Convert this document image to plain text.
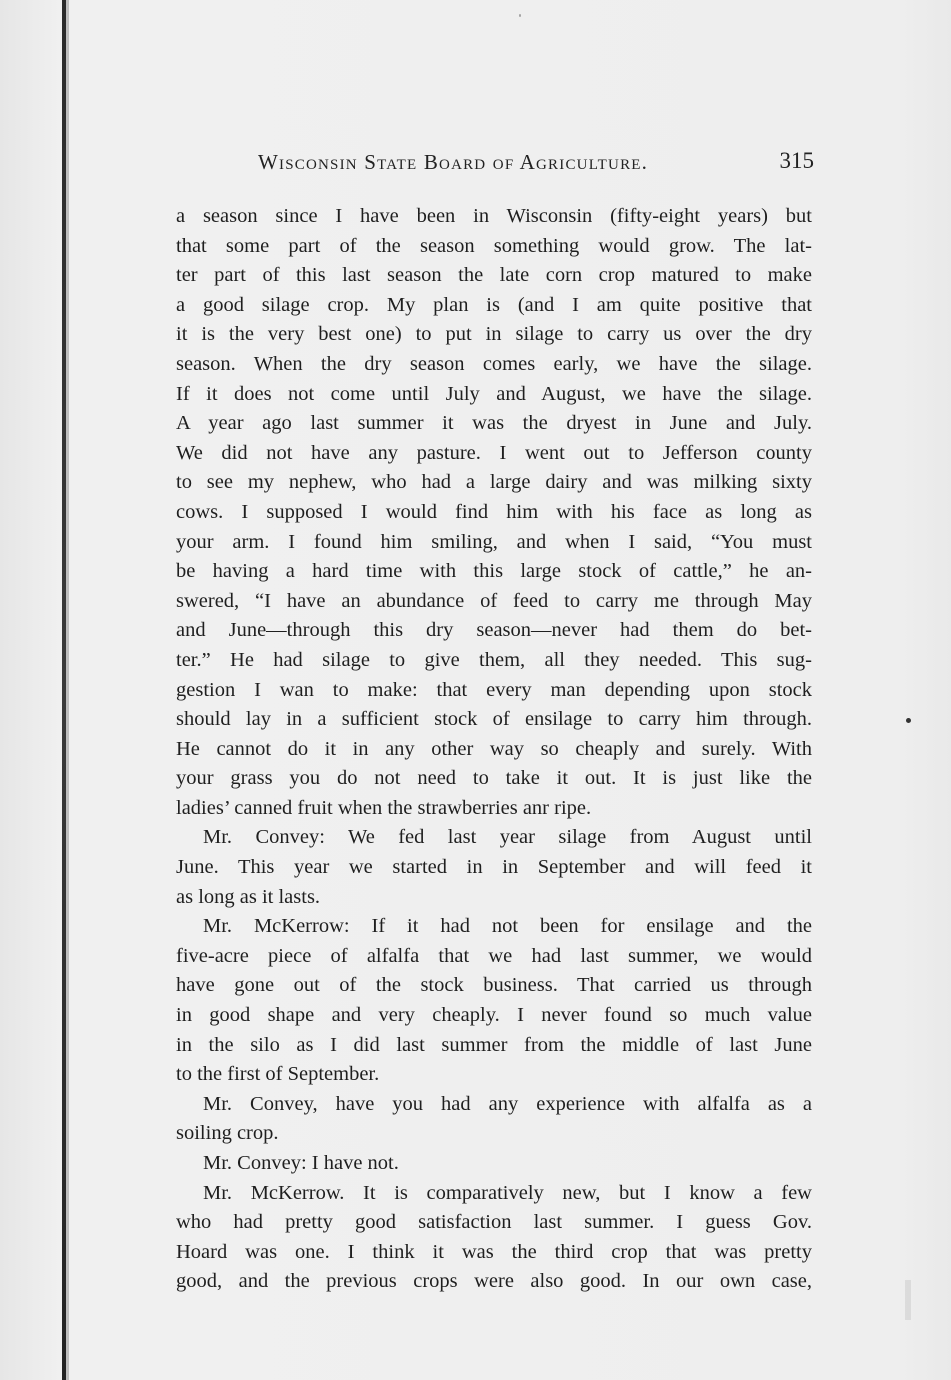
Wisconsin State Board of Agriculture.	315
a season since I have been in Wisconsin (fifty-eight years) but
that some part of the season something would grow. The lat-
ter part of this last season the late corn crop matured to make
a good silage crop. My plan is (and I am quite positive that
it is the very best one) to put in silage to carry us over the dry
season. When the dry season comes early, we have the silage.
If it does not come until July and August, we have the silage.
A year ago last summer it was the dryest in June and July.
We did not have any pasture. I went out to Jefferson county
to see my nephew, who had a large dairy and was milking sixty
cows. I supposed I would find him with his face as long as
your arm. I found him smiling, and when I said, “You must
be having a hard time with this large stock of cattle,” he an-
swered, “I have an abundance of feed to carry me through May
and June—through this dry season—never had them do bet-
ter.” He had silage to give them, all they needed. This sug-
gestion I wan to make: that every man depending upon stock
should lay in a sufficient stock of ensilage to carry him through.
He cannot do it in any other way so cheaply and surely. With
your grass you do not need to take it out. It is just like the
ladies’ canned fruit when the strawberries anr ripe.
Mr. Convey: We fed last year silage from August until
June. This year we started in in September and will feed it
as long as it lasts.
Mr. McKerrow: If it had not been for ensilage and the
five-acre piece of alfalfa that we had last summer, we would
have gone out of the stock business. That carried us through
in good shape and very cheaply. I never found so much value
in the silo as I did last summer from the middle of last June
to the first of September.
Mr. Convey, have you had any experience with alfalfa as a
soiling crop.
Mr. Convey: I have not.
Mr. McKerrow. It is comparatively new, but I know a few
who had pretty good satisfaction last summer. I guess Gov.
Hoard was one. I think it was the third crop that was pretty
good, and the previous crops were also good. In our own case,
